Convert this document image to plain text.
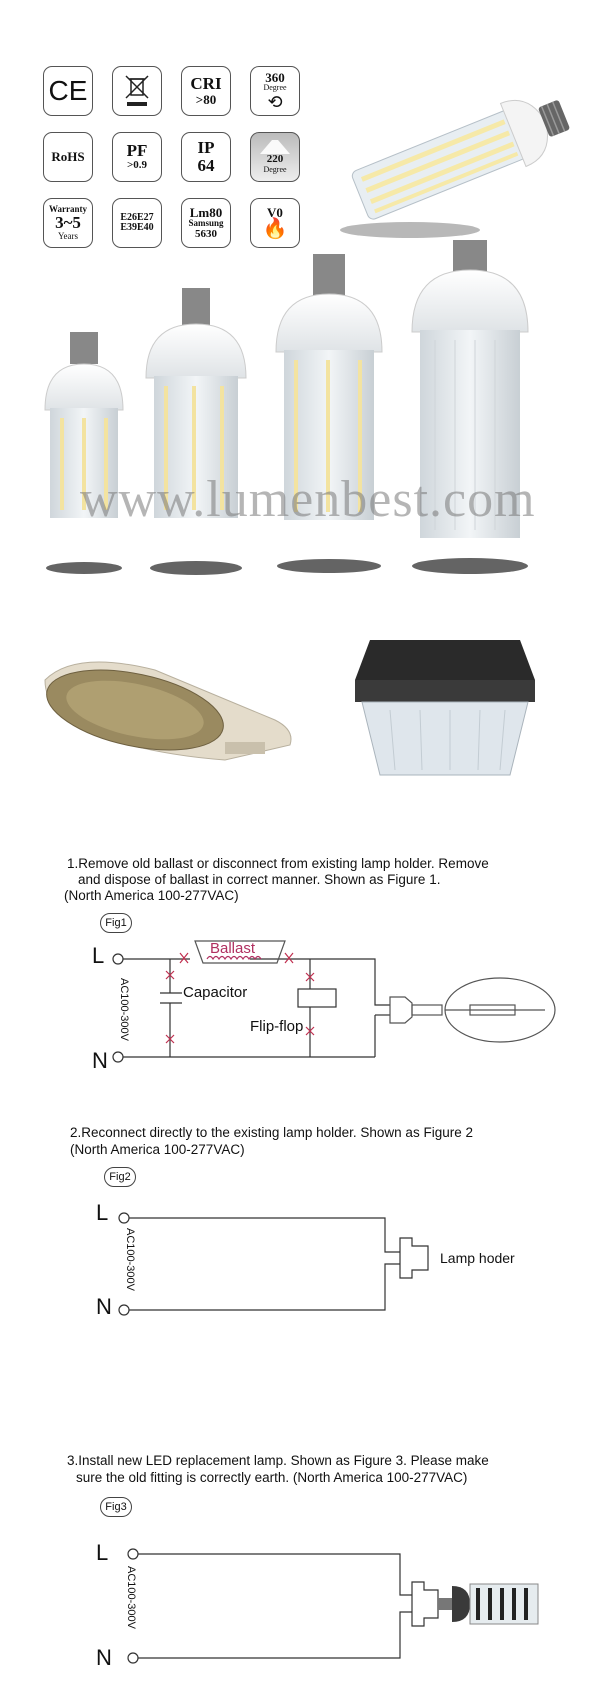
CE	CRI
>80
360
Degree
⟲
RoHS PF
>0.9
IP
64	220
Degree
Warranty
3~5
Years
E26E27
E39E40
Lm80
Samsung
5630
V0
🔥
www.lumenbest.com
1.Remove old ballast or disconnect from existing lamp holder. Remove
and dispose of ballast in correct manner. Shown as Figure 1.
(North America 100-277VAC)
Fig1
L
N
AC100-300V
Ballast
Capacitor
Flip-flop
2.Reconnect directly to the existing lamp holder. Shown as Figure 2
(North America 100-277VAC)
Fig2
L
N
AC100-300V	Lamp hoder
3.Install new LED replacement lamp. Shown as Figure 3. Please make
sure the old fitting is correctly earth. (North America 100-277VAC)
Fig3
L
N
AC100-300V
